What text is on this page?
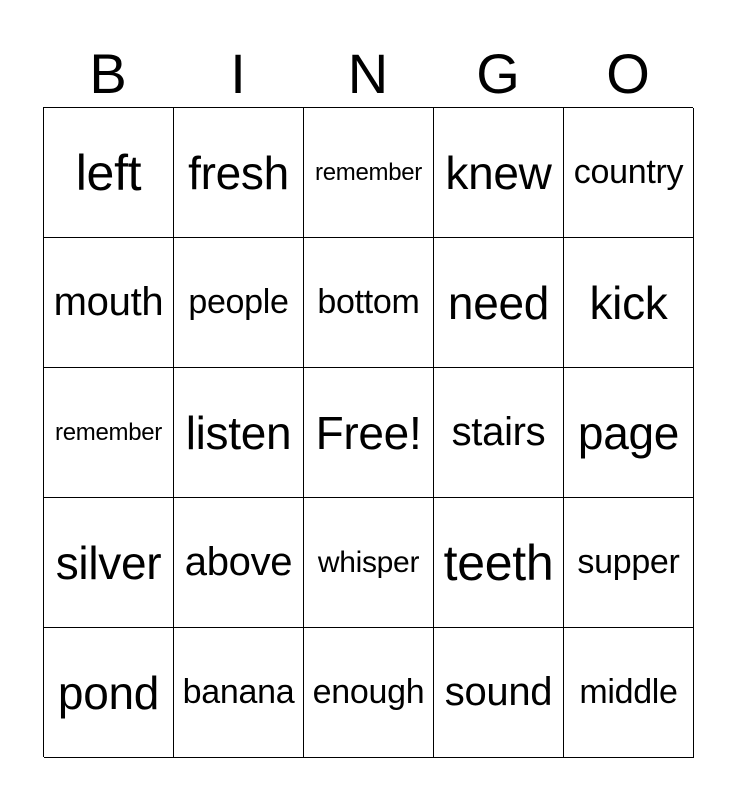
B	I	N	G	O
left	fresh	remember knew country
mouth people bottom need kick
remember listen Free! stairs page
silver above whisper teeth supper
pond banana enough sound middle
